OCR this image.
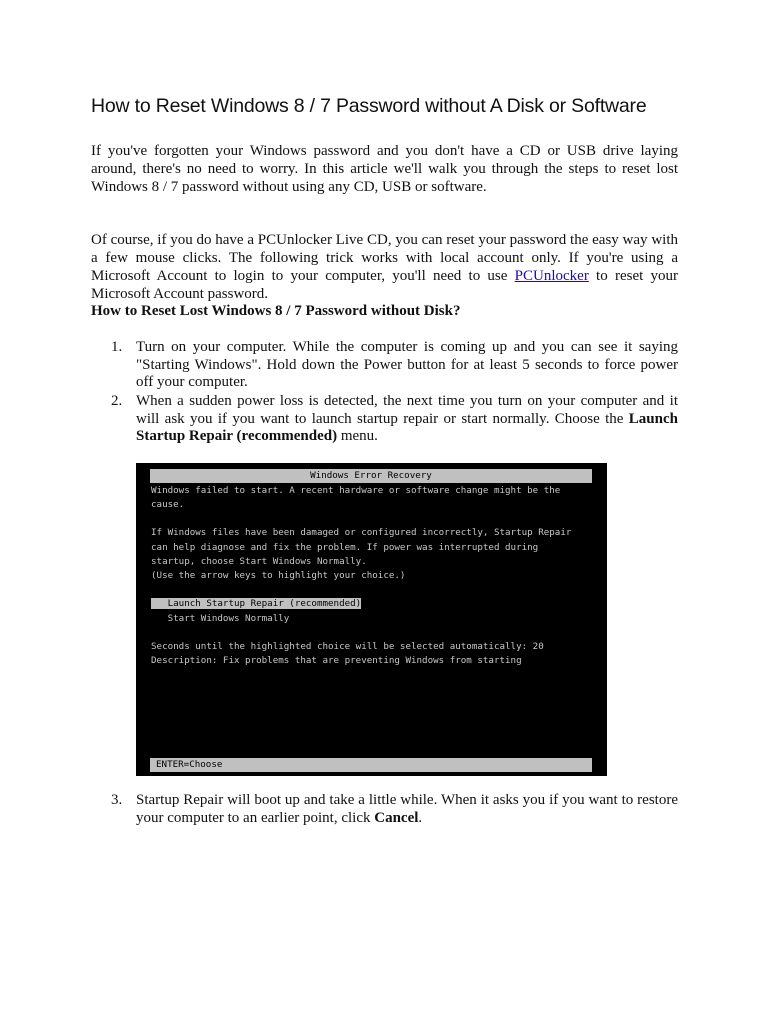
How to Reset Windows 8 / 7 Password without A Disk or Software

If you've forgotten your Windows password and you don't have a CD or USB drive laying around, there's no need to worry. In this article we'll walk you through the steps to reset lost Windows 8 / 7 password without using any CD, USB or software.

Of course, if you do have a PCUnlocker Live CD, you can reset your password the easy way with a few mouse clicks. The following trick works with local account only. If you're using a Microsoft Account to login to your computer, you'll need to use PCUnlocker to reset your Microsoft Account password.

How to Reset Lost Windows 8 / 7 Password without Disk?

1. Turn on your computer. While the computer is coming up and you can see it saying "Starting Windows". Hold down the Power button for at least 5 seconds to force power off your computer.
2. When a sudden power loss is detected, the next time you turn on your computer and it will ask you if you want to launch startup repair or start normally. Choose the Launch Startup Repair (recommended) menu.
3. Startup Repair will boot up and take a little while. When it asks you if you want to restore your computer to an earlier point, click Cancel.
Windows Error Recovery
Windows failed to start. A recent hardware or software change might be the
cause.
If Windows files have been damaged or configured incorrectly, Startup Repair
can help diagnose and fix the problem. If power was interrupted during
startup, choose Start Windows Normally.
(Use the arrow keys to highlight your choice.)
Launch Startup Repair (recommended)
Start Windows Normally
Seconds until the highlighted choice will be selected automatically: 20
Description: Fix problems that are preventing Windows from starting
ENTER=Choose
